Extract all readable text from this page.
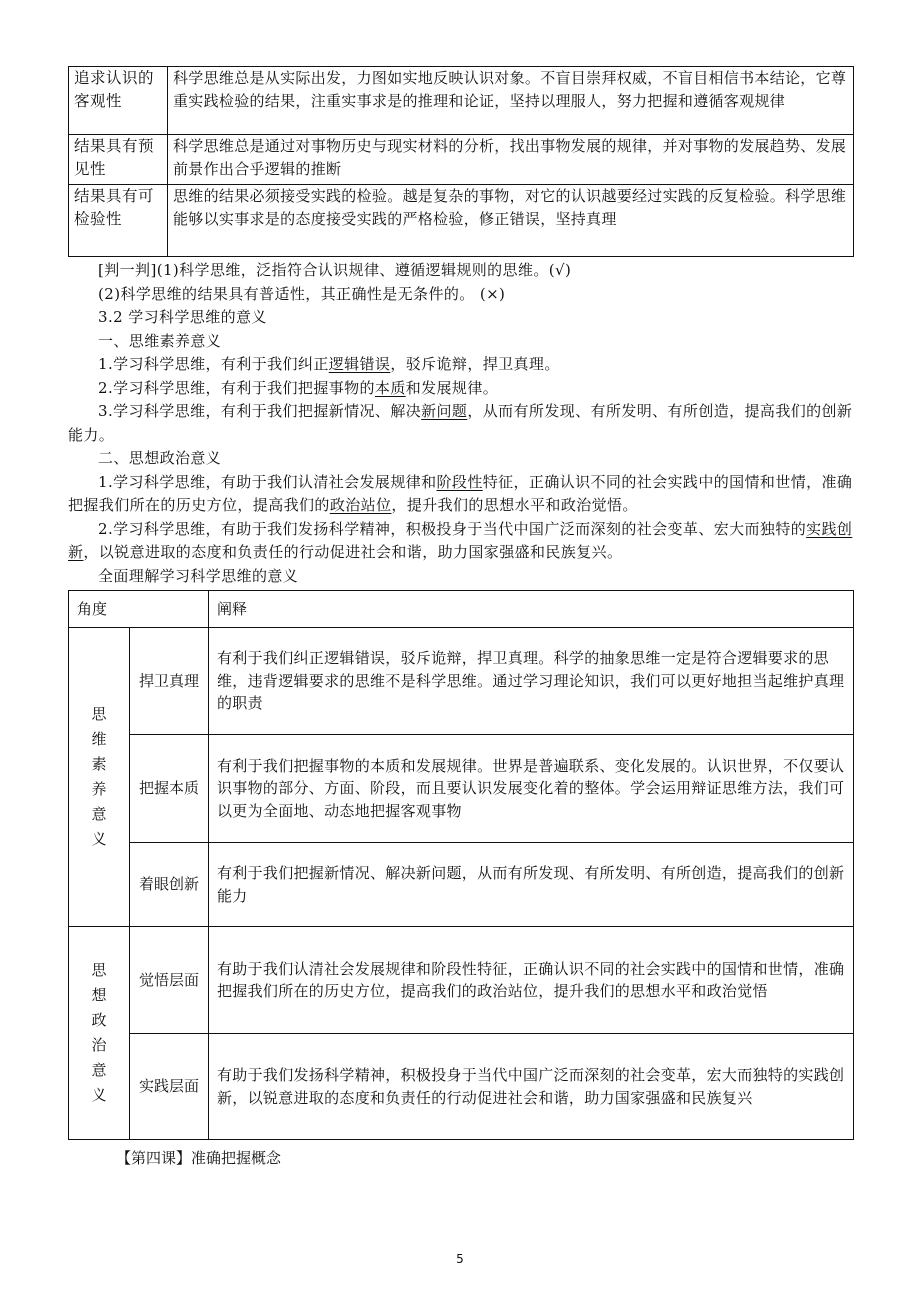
追求认识的客观性	科学思维总是从实际出发，力图如实地反映认识对象。不盲目崇拜权威，不盲目相信书本结论，它尊重实践检验的结果，注重实事求是的推理和论证，坚持以理服人，努力把握和遵循客观规律
结果具有预见性	科学思维总是通过对事物历史与现实材料的分析，找出事物发展的规律，并对事物的发展趋势、发展前景作出合乎逻辑的推断
结果具有可检验性	思维的结果必须接受实践的检验。越是复杂的事物，对它的认识越要经过实践的反复检验。科学思维能够以实事求是的态度接受实践的严格检验，修正错误，坚持真理

[判一判](1)科学思维，泛指符合认识规律、遵循逻辑规则的思维。(√)

(2)科学思维的结果具有普适性，其正确性是无条件的。 (×)

3.2 学习科学思维的意义

一、思维素养意义

1.学习科学思维，有利于我们纠正逻辑错误，驳斥诡辩，捍卫真理。

2.学习科学思维，有利于我们把握事物的本质和发展规律。

3.学习科学思维，有利于我们把握新情况、解决新问题，从而有所发现、有所发明、有所创造，提高我们的创新能力。

二、思想政治意义

1.学习科学思维，有助于我们认清社会发展规律和阶段性特征，正确认识不同的社会实践中的国情和世情，准确把握我们所在的历史方位，提高我们的政治站位，提升我们的思想水平和政治觉悟。

2.学习科学思维，有助于我们发扬科学精神，积极投身于当代中国广泛而深刻的社会变革、宏大而独特的实践创新，以锐意进取的态度和负责任的行动促进社会和谐，助力国家强盛和民族复兴。

全面理解学习科学思维的意义

角度		阐释
思维素养意义	捍卫真理	有利于我们纠正逻辑错误，驳斥诡辩，捍卫真理。科学的抽象思维一定是符合逻辑要求的思维，违背逻辑要求的思维不是科学思维。通过学习理论知识，我们可以更好地担当起维护真理的职责
	把握本质	有利于我们把握事物的本质和发展规律。世界是普遍联系、变化发展的。认识世界，不仅要认识事物的部分、方面、阶段，而且要认识发展变化着的整体。学会运用辩证思维方法，我们可以更为全面地、动态地把握客观事物
	着眼创新	有利于我们把握新情况、解决新问题，从而有所发现、有所发明、有所创造，提高我们的创新能力
思想政治意义	觉悟层面	有助于我们认清社会发展规律和阶段性特征，正确认识不同的社会实践中的国情和世情，准确把握我们所在的历史方位，提高我们的政治站位，提升我们的思想水平和政治觉悟
	实践层面	有助于我们发扬科学精神，积极投身于当代中国广泛而深刻的社会变革，宏大而独特的实践创新，以锐意进取的态度和负责任的行动促进社会和谐，助力国家强盛和民族复兴
【第四课】准确把握概念
5
